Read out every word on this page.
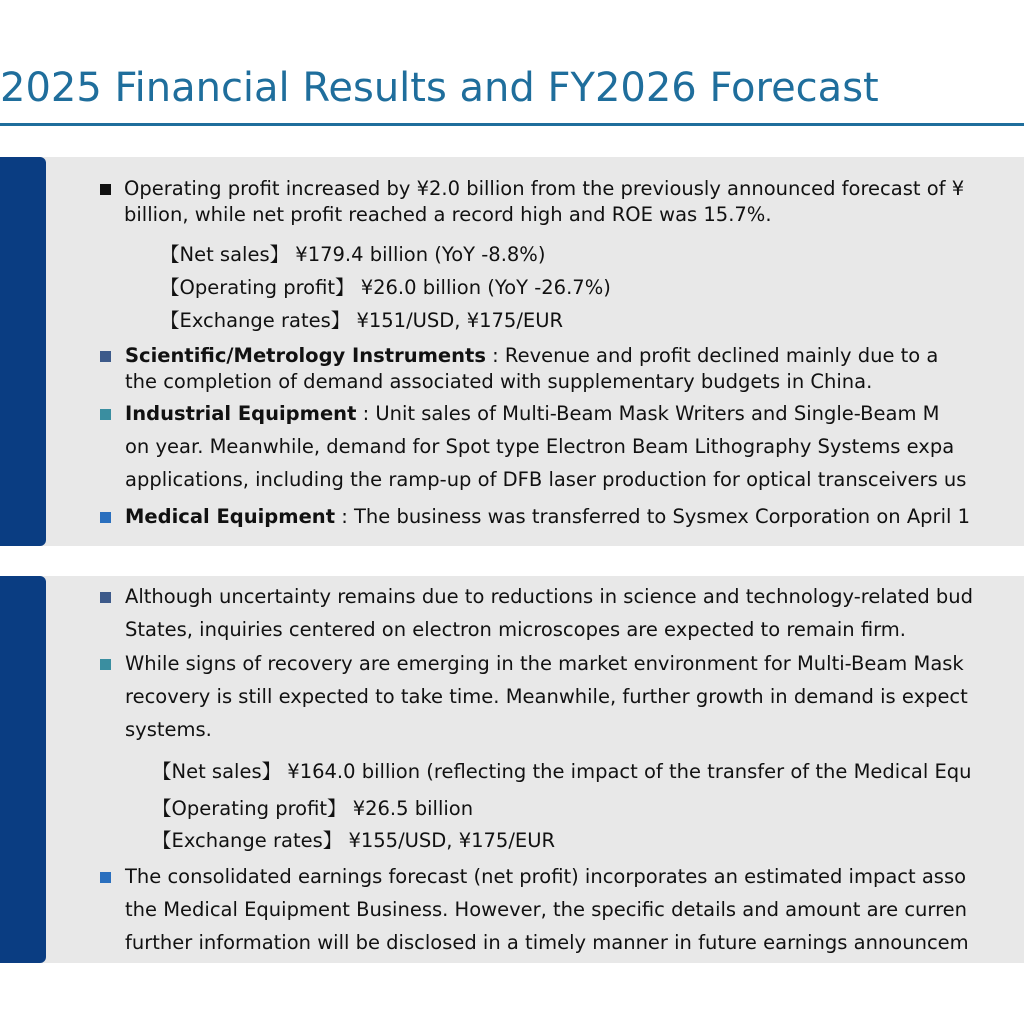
2025 Financial Results and FY2026 Forecast
Operating profit increased by ¥2.0 billion from the previously announced forecast of ¥
billion, while net profit reached a record high and ROE was 15.7%.
【Net sales】 ¥179.4 billion (YoY -8.8%)
【Operating profit】 ¥26.0 billion (YoY -26.7%)
【Exchange rates】 ¥151/USD, ¥175/EUR
Scientific/Metrology Instruments : Revenue and profit declined mainly due to a
the completion of demand associated with supplementary budgets in China.
Industrial Equipment : Unit sales of Multi-Beam Mask Writers and Single-Beam M
on year. Meanwhile, demand for Spot type Electron Beam Lithography Systems expa
applications, including the ramp-up of DFB laser production for optical transceivers us
Medical Equipment : The business was transferred to Sysmex Corporation on April 1
Although uncertainty remains due to reductions in science and technology-related bud
States, inquiries centered on electron microscopes are expected to remain firm.
While signs of recovery are emerging in the market environment for Multi-Beam Mask
recovery is still expected to take time. Meanwhile, further growth in demand is expect
systems.
【Net sales】 ¥164.0 billion (reflecting the impact of the transfer of the Medical Equ
【Operating profit】 ¥26.5 billion
【Exchange rates】 ¥155/USD, ¥175/EUR
The consolidated earnings forecast (net profit) incorporates an estimated impact asso
the Medical Equipment Business. However, the specific details and amount are curren
further information will be disclosed in a timely manner in future earnings announcem
